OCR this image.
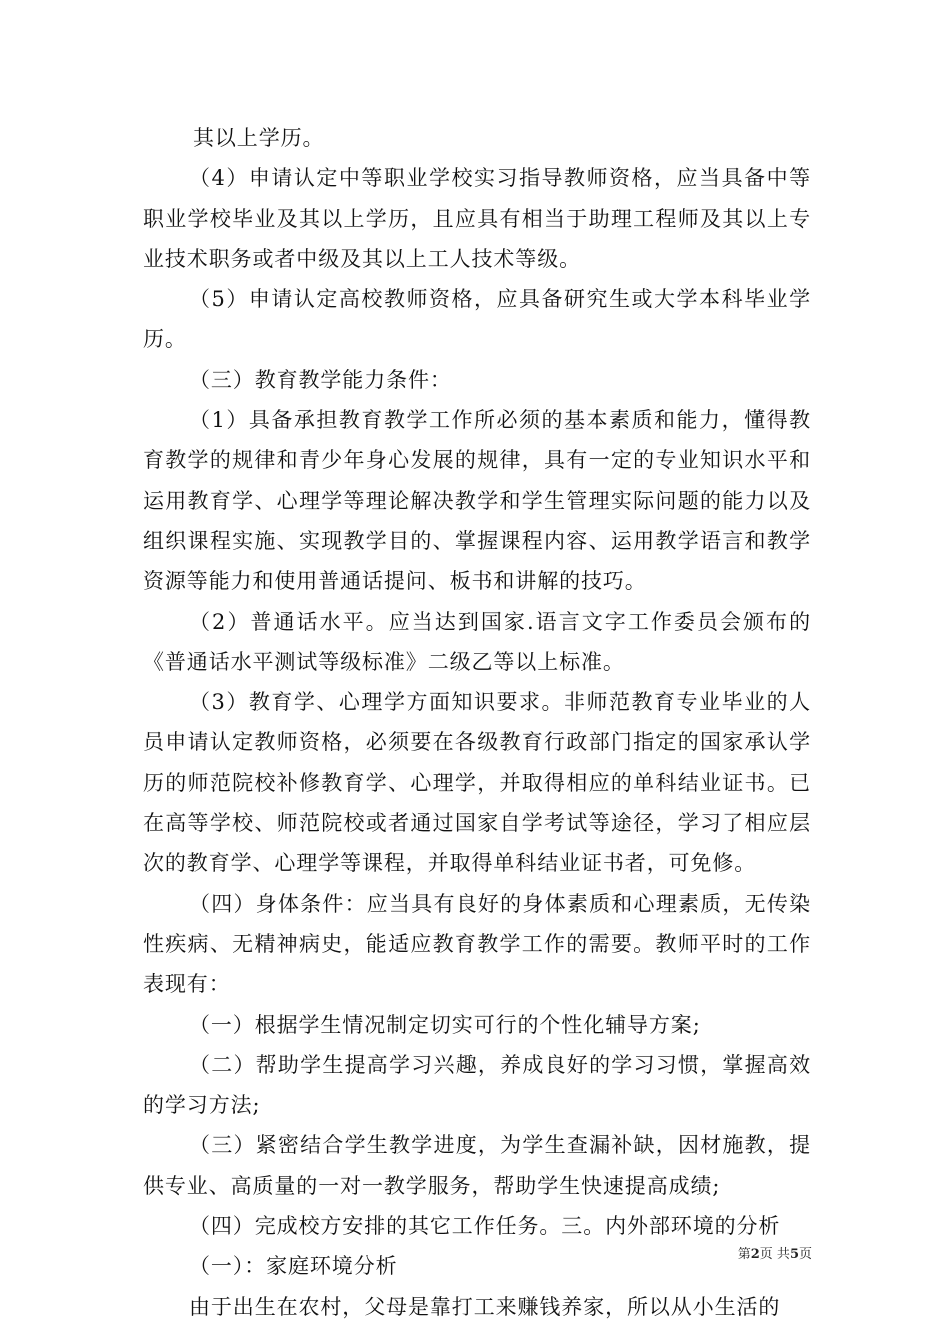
其以上学历。

（4）申请认定中等职业学校实习指导教师资格，应当具备中等职业学校毕业及其以上学历，且应具有相当于助理工程师及其以上专业技术职务或者中级及其以上工人技术等级。

（5）申请认定高校教师资格，应具备研究生或大学本科毕业学历。

（三）教育教学能力条件：

（1）具备承担教育教学工作所必须的基本素质和能力，懂得教育教学的规律和青少年身心发展的规律，具有一定的专业知识水平和运用教育学、心理学等理论解决教学和学生管理实际问题的能力以及组织课程实施、实现教学目的、掌握课程内容、运用教学语言和教学资源等能力和使用普通话提问、板书和讲解的技巧。

（2）普通话水平。应当达到国家.语言文字工作委员会颁布的《普通话水平测试等级标准》二级乙等以上标准。

（3）教育学、心理学方面知识要求。非师范教育专业毕业的人员申请认定教师资格，必须要在各级教育行政部门指定的国家承认学历的师范院校补修教育学、心理学，并取得相应的单科结业证书。已在高等学校、师范院校或者通过国家自学考试等途径，学习了相应层次的教育学、心理学等课程，并取得单科结业证书者，可免修。

（四）身体条件：应当具有良好的身体素质和心理素质，无传染性疾病、无精神病史，能适应教育教学工作的需要。教师平时的工作表现有：

（一）根据学生情况制定切实可行的个性化辅导方案;

（二）帮助学生提高学习兴趣，养成良好的学习习惯，掌握高效的学习方法;

（三）紧密结合学生教学进度，为学生查漏补缺，因材施教，提供专业、高质量的一对一教学服务，帮助学生快速提高成绩;

（四）完成校方安排的其它工作任务。三。内外部环境的分析

（一）：家庭环境分析

由于出生在农村，父母是靠打工来赚钱养家，所以从小生活的

第2页 共5页
